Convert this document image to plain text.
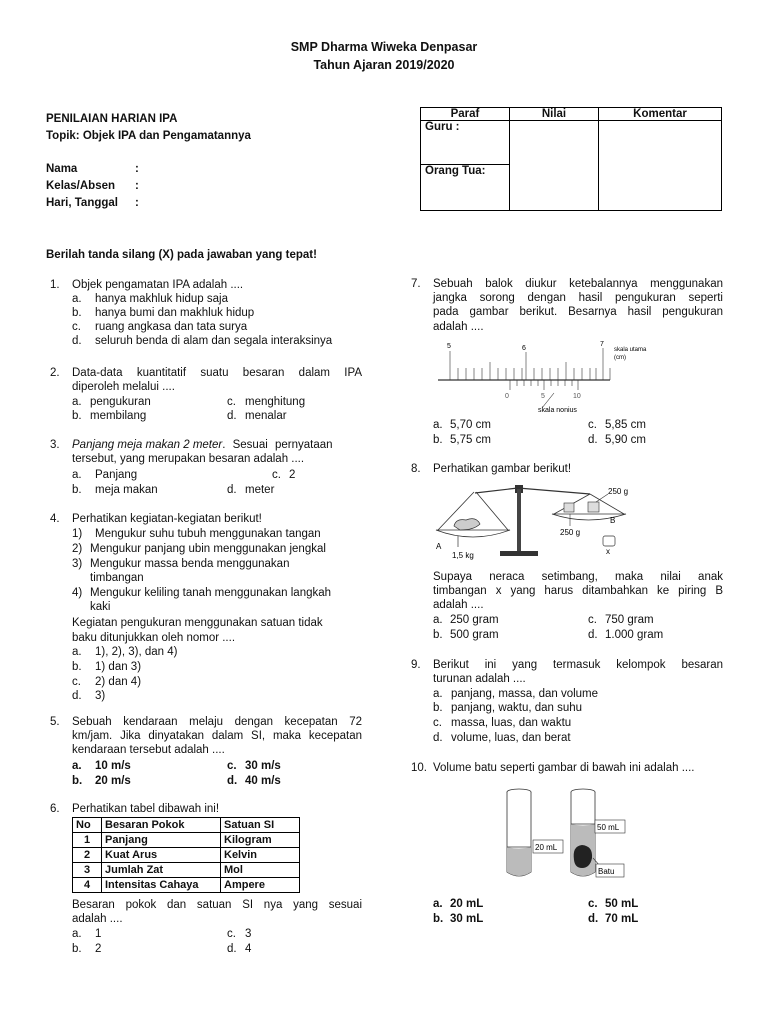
SMP Dharma Wiweka Denpasar
Tahun Ajaran 2019/2020
PENILAIAN HARIAN IPA
Topik: Objek IPA dan Pengamatannya
Nama	:
Kelas/Absen :
Hari, Tanggal :
Paraf	Nilai	Komentar
Guru :		
Orang Tua:		
Berilah tanda silang (X) pada jawaban yang tepat!
1. Objek pengamatan IPA adalah ....
a. hanya makhluk hidup saja
b. hanya bumi dan makhluk hidup
c. ruang angkasa dan tata surya
d. seluruh benda di alam dan segala interaksinya
2. Data-data kuantitatif suatu besaran dalam IPA
diperoleh melalui ....
a. pengukuran	c. menghitung
b. membilang	d. menalar
3. Panjang meja makan 2 meter. Sesuai pernyataan
tersebut, yang merupakan besaran adalah ....
a. Panjang	c. 2
b. meja makan	d. meter
4. Perhatikan kegiatan-kegiatan berikut!
1) Mengukur suhu tubuh menggunakan tangan
2) Mengukur panjang ubin menggunakan jengkal
3) Mengukur massa benda menggunakan
timbangan
4) Mengukur keliling tanah menggunakan langkah
kaki
Kegiatan pengukuran menggunakan satuan tidak
baku ditunjukkan oleh nomor ....
a. 1), 2), 3), dan 4)
b. 1) dan 3)
c. 2) dan 4)
d. 3)
5. Sebuah kendaraan melaju dengan kecepatan 72
km/jam. Jika dinyatakan dalam SI, maka kecepatan
kendaraan tersebut adalah ....
a. 10 m/s	c. 30 m/s
b. 20 m/s	d. 40 m/s
6. Perhatikan tabel dibawah ini!
No	Besaran Pokok	Satuan SI
1	Panjang	Kilogram
2	Kuat Arus	Kelvin
3	Jumlah Zat	Mol
4	Intensitas Cahaya	Ampere
Besaran pokok dan satuan SI nya yang sesuai
adalah ....
a. 1	c. 3
b. 2	d. 4
7. Sebuah balok diukur ketebalannya menggunakan
jangka sorong dengan hasil pengukuran seperti
pada gambar berikut. Besarnya hasil pengukuran
adalah ....
5	6
7
skala utama
(cm)
0	5	10
skala nonius
a. 5,70 cm	c. 5,85 cm
b. 5,75 cm	d. 5,90 cm
8. Perhatikan gambar berikut!
A
1,5 kg
250 g
B
250 g
x
Supaya neraca setimbang, maka nilai anak
timbangan x yang harus ditambahkan ke piring B
adalah ....
a. 250 gram	c. 750 gram
b. 500 gram	d. 1.000 gram
9. Berikut ini yang termasuk kelompok besaran
turunan adalah ....
a. panjang, massa, dan volume
b. panjang, waktu, dan suhu
c. massa, luas, dan waktu
d. volume, luas, dan berat
10. Volume batu seperti gambar di bawah ini adalah ....
20 mL
50 mL
Batu
a. 20 mL	c. 50 mL
b. 30 mL	d. 70 mL
